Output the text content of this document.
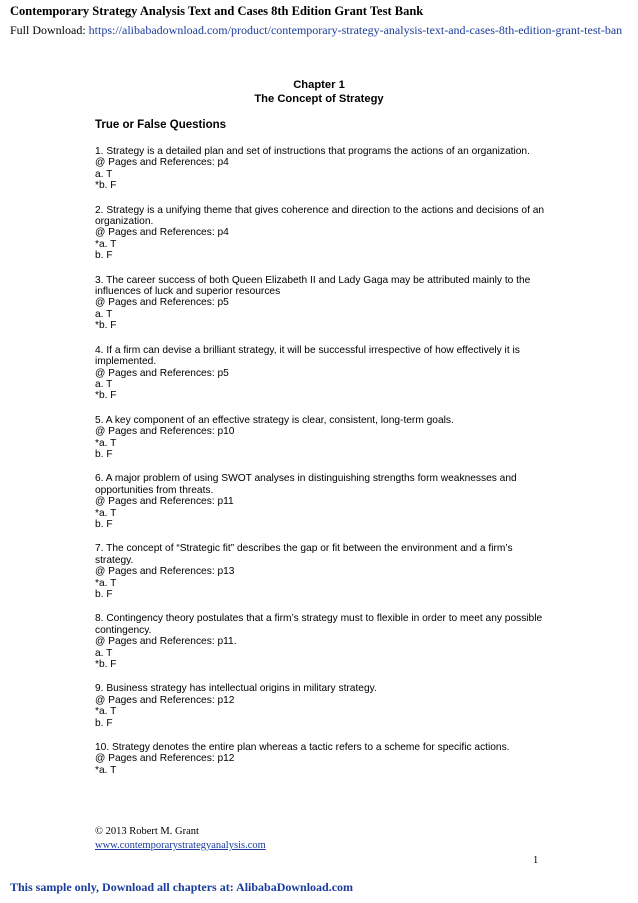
Contemporary Strategy Analysis Text and Cases 8th Edition Grant Test Bank
Full Download: https://alibabadownload.com/product/contemporary-strategy-analysis-text-and-cases-8th-edition-grant-test-ban
Chapter 1
The Concept of Strategy
True or False Questions
1. Strategy is a detailed plan and set of instructions that programs the actions of an organization.
@ Pages and References: p4
a. T
*b. F
2. Strategy is a unifying theme that gives coherence and direction to the actions and decisions of an organization.
@ Pages and References: p4
*a. T
b. F
3. The career success of both Queen Elizabeth II and Lady Gaga may be attributed mainly to the influences of luck and superior resources
@ Pages and References: p5
a. T
*b. F
4. If a firm can devise a brilliant strategy, it will be successful irrespective of how effectively it is implemented.
@ Pages and References: p5
a. T
*b. F
5. A key component of an effective strategy is clear, consistent, long-term goals.
@ Pages and References: p10
*a. T
b. F
6. A major problem of using SWOT analyses in distinguishing strengths form weaknesses and opportunities from threats.
@ Pages and References: p11
*a. T
b. F
7. The concept of “Strategic fit” describes the gap or fit between the environment and a firm’s strategy.
@ Pages and References: p13
*a. T
b. F
8. Contingency theory postulates that a firm’s strategy must to flexible in order to meet any possible contingency.
@ Pages and References: p11.
a. T
*b. F
9. Business strategy has intellectual origins in military strategy.
@ Pages and References: p12
*a. T
b. F
10. Strategy denotes the entire plan whereas a tactic refers to a scheme for specific actions.
@ Pages and References: p12
*a. T
© 2013 Robert M. Grant
www.contemporarystrategyanalysis.com
1
This sample only, Download all chapters at: AlibabaDownload.com
